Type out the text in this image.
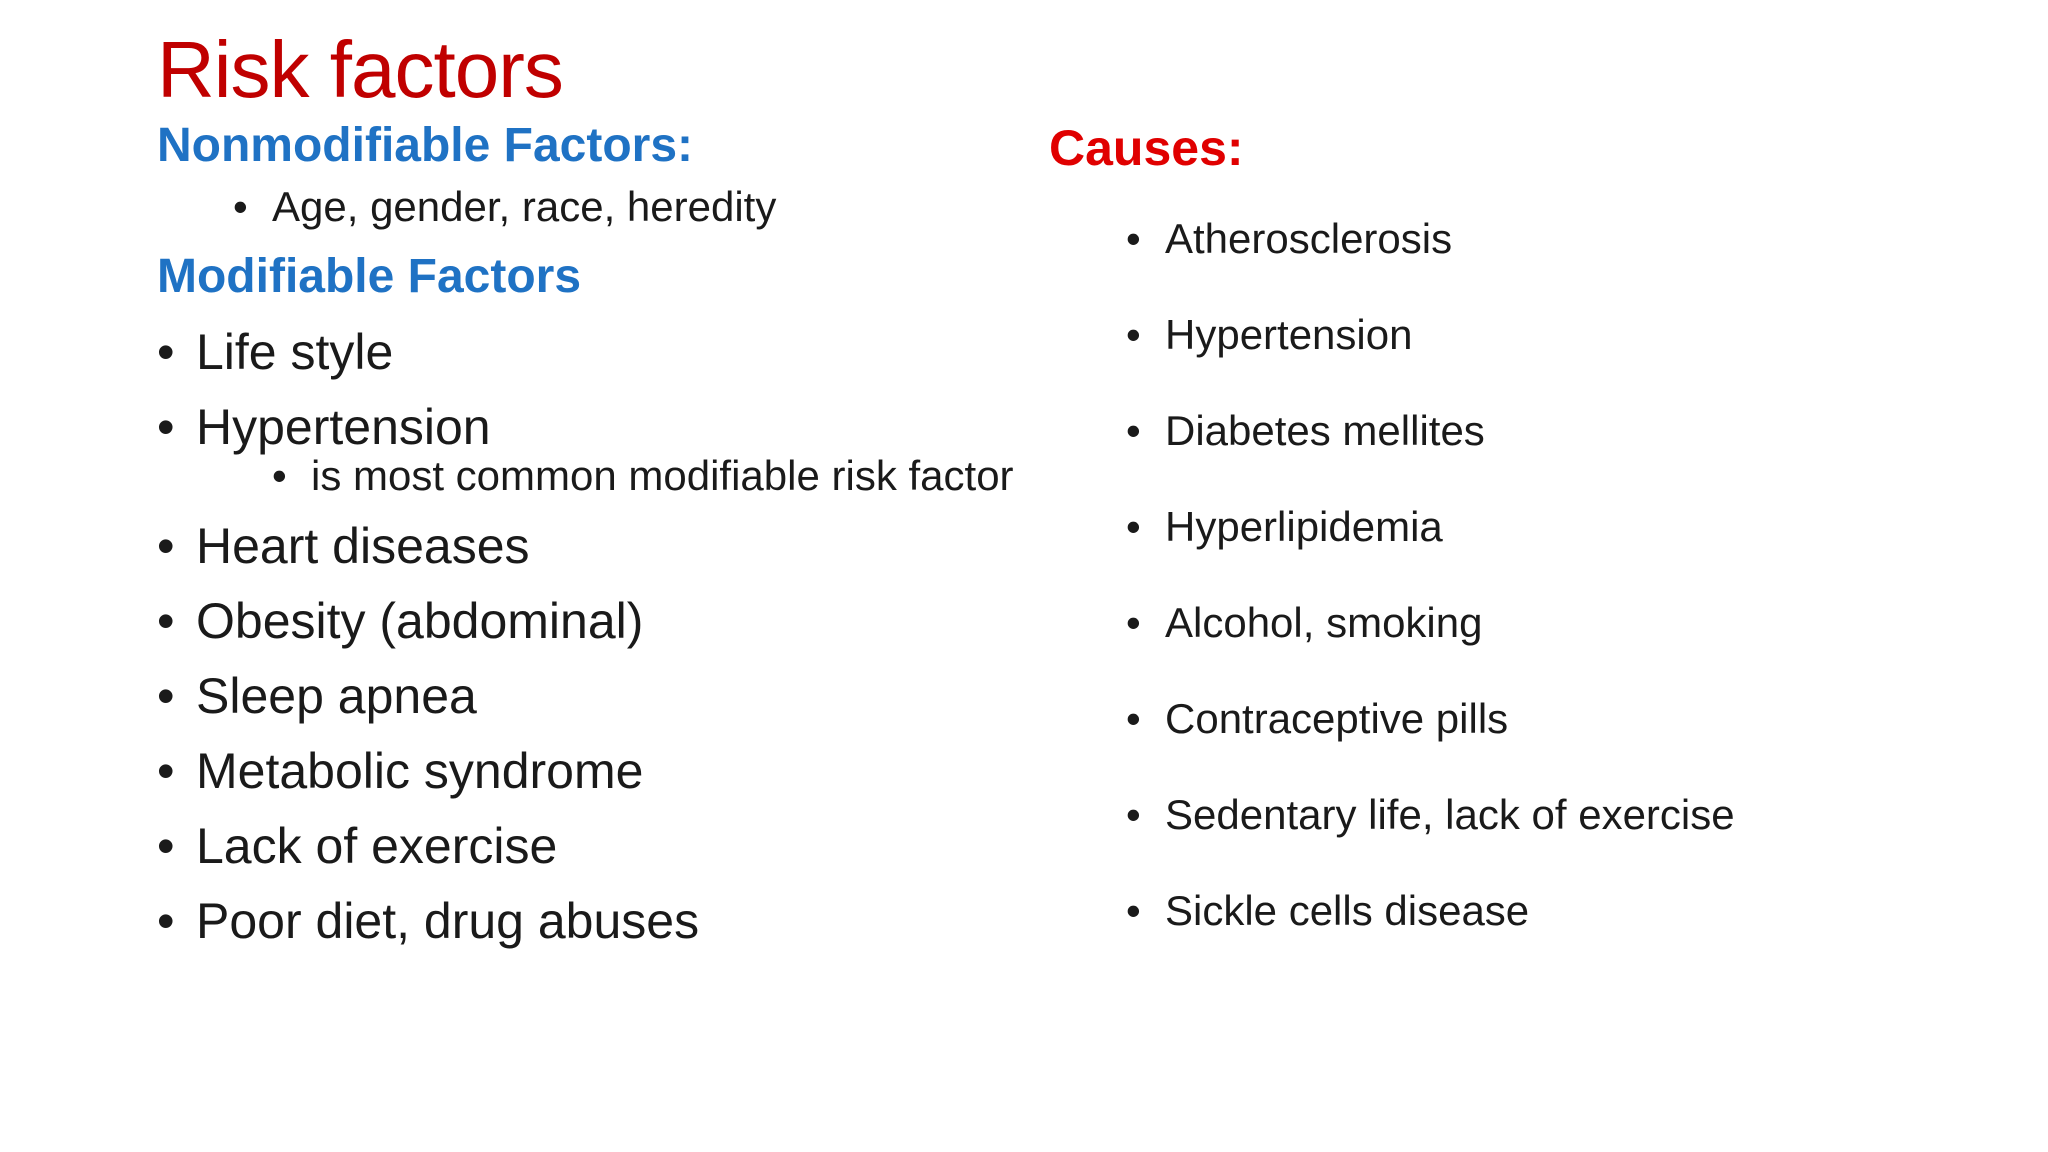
Risk factors
Nonmodifiable Factors:
• Age, gender, race, heredity
Modifiable Factors
• Life style
• Hypertension
• is most common modifiable risk factor
• Heart diseases
• Obesity (abdominal)
• Sleep apnea
• Metabolic syndrome
• Lack of exercise
• Poor diet, drug abuses
Causes:
• Atherosclerosis
• Hypertension
• Diabetes mellites
• Hyperlipidemia
• Alcohol, smoking
• Contraceptive pills
• Sedentary life, lack of exercise
• Sickle cells disease
